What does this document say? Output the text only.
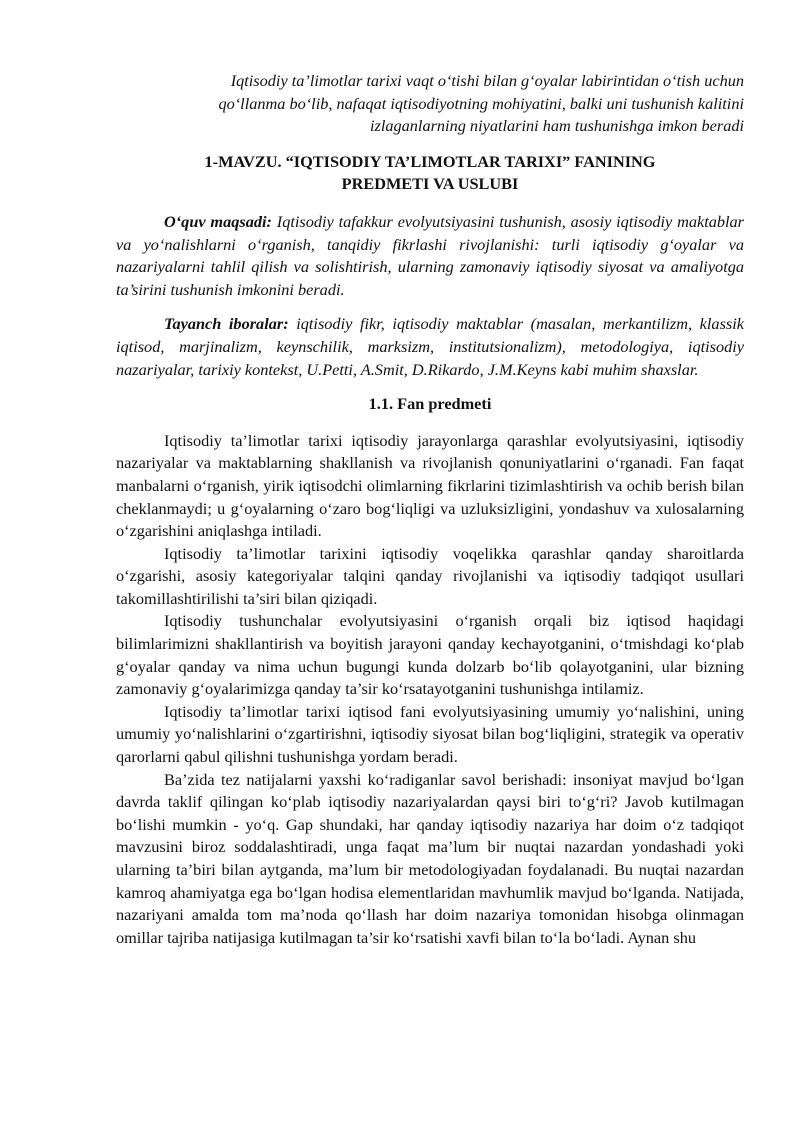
Iqtisodiy ta’limotlar tarixi vaqt o‘tishi bilan g‘oyalar labirintidan o‘tish uchun
qo‘llanma bo‘lib, nafaqat iqtisodiyotning mohiyatini, balki uni tushunish kalitini
izlaganlarning niyatlarini ham tushunishga imkon beradi
1-MAVZU. “IQTISODIY TA’LIMOTLAR TARIXI” FANINING
PREDMETI VA USLUBI

O‘quv maqsadi: Iqtisodiy tafakkur evolyutsiyasini tushunish, asosiy iqtisodiy maktablar va yo‘nalishlarni o‘rganish, tanqidiy fikrlashi rivojlanishi: turli iqtisodiy g‘oyalar va nazariyalarni tahlil qilish va solishtirish, ularning zamonaviy iqtisodiy siyosat va amaliyotga ta’sirini tushunish imkonini beradi.

Tayanch iboralar: iqtisodiy fikr, iqtisodiy maktablar (masalan, merkantilizm, klassik iqtisod, marjinalizm, keynschilik, marksizm, institutsionalizm), metodologiya, iqtisodiy nazariyalar, tarixiy kontekst, U.Petti, A.Smit, D.Rikardo, J.M.Keyns kabi muhim shaxslar.

1.1. Fan predmeti

Iqtisodiy ta’limotlar tarixi iqtisodiy jarayonlarga qarashlar evolyutsiyasini, iqtisodiy nazariyalar va maktablarning shakllanish va rivojlanish qonuniyatlarini o‘rganadi. Fan faqat manbalarni o‘rganish, yirik iqtisodchi olimlarning fikrlarini tizimlashtirish va ochib berish bilan cheklanmaydi; u g‘oyalarning o‘zaro bog‘liqligi va uzluksizligini, yondashuv va xulosalarning o‘zgarishini aniqlashga intiladi.

Iqtisodiy ta’limotlar tarixini iqtisodiy voqelikka qarashlar qanday sharoitlarda o‘zgarishi, asosiy kategoriyalar talqini qanday rivojlanishi va iqtisodiy tadqiqot usullari takomillashtirilishi ta’siri bilan qiziqadi.

Iqtisodiy tushunchalar evolyutsiyasini o‘rganish orqali biz iqtisod haqidagi bilimlarimizni shakllantirish va boyitish jarayoni qanday kechayotganini, o‘tmishdagi ko‘plab g‘oyalar qanday va nima uchun bugungi kunda dolzarb bo‘lib qolayotganini, ular bizning zamonaviy g‘oyalarimizga qanday ta’sir ko‘rsatayotganini tushunishga intilamiz.

Iqtisodiy ta’limotlar tarixi iqtisod fani evolyutsiyasining umumiy yo‘nalishini, uning umumiy yo‘nalishlarini o‘zgartirishni, iqtisodiy siyosat bilan bog‘liqligini, strategik va operativ qarorlarni qabul qilishni tushunishga yordam beradi.

Ba’zida tez natijalarni yaxshi ko‘radiganlar savol berishadi: insoniyat mavjud bo‘lgan davrda taklif qilingan ko‘plab iqtisodiy nazariyalardan qaysi biri to‘g‘ri? Javob kutilmagan bo‘lishi mumkin - yo‘q. Gap shundaki, har qanday iqtisodiy nazariya har doim o‘z tadqiqot mavzusini biroz soddalashtiradi, unga faqat ma’lum bir nuqtai nazardan yondashadi yoki ularning ta’biri bilan aytganda, ma’lum bir metodologiyadan foydalanadi. Bu nuqtai nazardan kamroq ahamiyatga ega bo‘lgan hodisa elementlaridan mavhumlik mavjud bo‘lganda. Natijada, nazariyani amalda tom ma’noda qo‘llash har doim nazariya tomonidan hisobga olinmagan omillar tajriba natijasiga kutilmagan ta’sir ko‘rsatishi xavfi bilan to‘la bo‘ladi. Aynan shu
